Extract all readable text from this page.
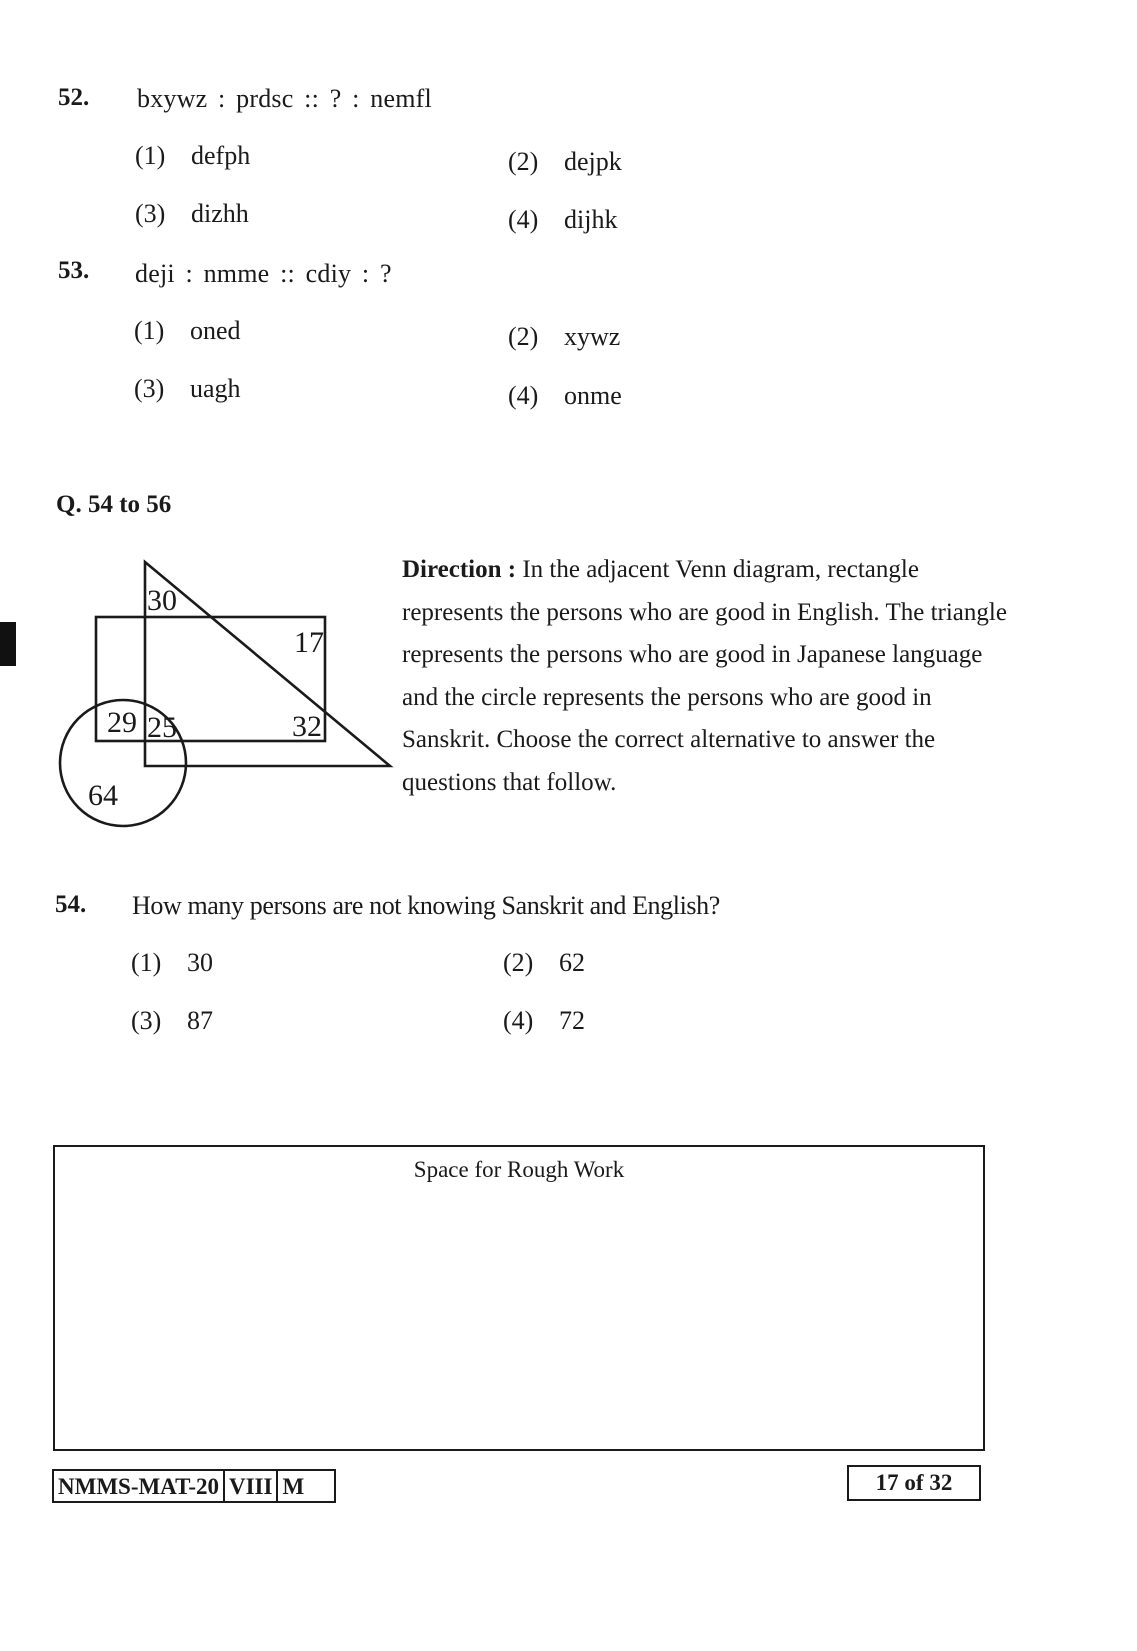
52. bxywz : prdsc :: ? : nemfl
(1) defph	(2) dejpk
(3) dizhh	(4) dijhk
53. deji : nmme :: cdiy : ?
(1) oned	(2) xywz
(3) uagh	(4) onme
Q. 54 to 56
30
17
29 25	32
64
Direction : In the adjacent Venn diagram, rectangle represents the persons who are good in English. The triangle represents the persons who are good in Japanese language and the circle represents the persons who are good in Sanskrit. Choose the correct alternative to answer the questions that follow.
54. How many persons are not knowing Sanskrit and English?
(1) 30	(2) 62
(3) 87	(4) 72
Space for Rough Work
NMMS-MAT-20 VIII M	17 of 32
